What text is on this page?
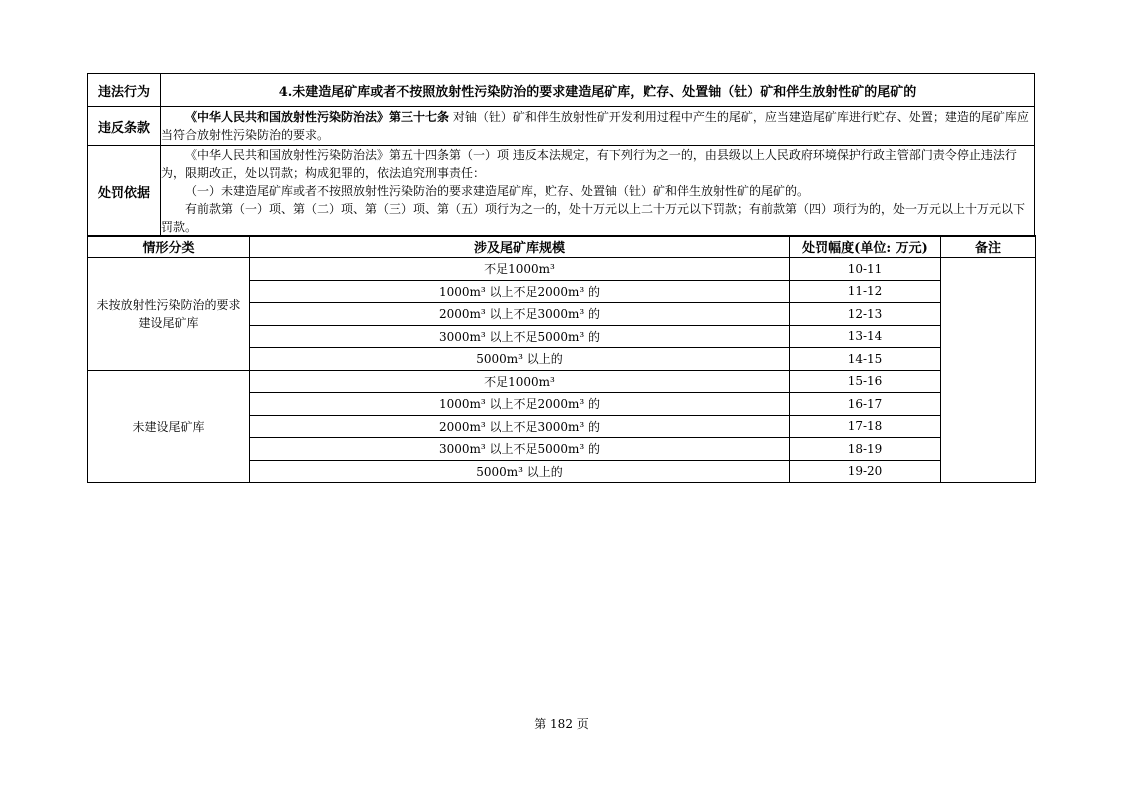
违法行为	4.未建造尾矿库或者不按照放射性污染防治的要求建造尾矿库，贮存、处置铀（钍）矿和伴生放射性矿的尾矿的
违反条款	《中华人民共和国放射性污染防治法》第三十七条 对铀（钍）矿和伴生放射性矿开发利用过程中产生的尾矿，应当建造尾矿库进行贮存、处置；建造的尾矿库应当符合放射性污染防治的要求。
处罚依据	《中华人民共和国放射性污染防治法》第五十四条第（一）项 违反本法规定，有下列行为之一的，由县级以上人民政府环境保护行政主管部门责令停止违法行为，限期改正，处以罚款；构成犯罪的，依法追究刑事责任：
（一）未建造尾矿库或者不按照放射性污染防治的要求建造尾矿库，贮存、处置铀（钍）矿和伴生放射性矿的尾矿的。
有前款第（一）项、第（二）项、第（三）项、第（五）项行为之一的，处十万元以上二十万元以下罚款；有前款第（四）项行为的，处一万元以上十万元以下罚款。
情形分类	涉及尾矿库规模	处罚幅度(单位: 万元)	备注
未按放射性污染防治的要求建设尾矿库	不足1000m³	10-11	
	1000m³ 以上不足2000m³ 的	11-12	
	2000m³ 以上不足3000m³ 的	12-13	
	3000m³ 以上不足5000m³ 的	13-14	
	5000m³ 以上的	14-15	
未建设尾矿库	不足1000m³	15-16	
	1000m³ 以上不足2000m³ 的	16-17	
	2000m³ 以上不足3000m³ 的	17-18	
	3000m³ 以上不足5000m³ 的	18-19	
	5000m³ 以上的	19-20	
第 182 页
